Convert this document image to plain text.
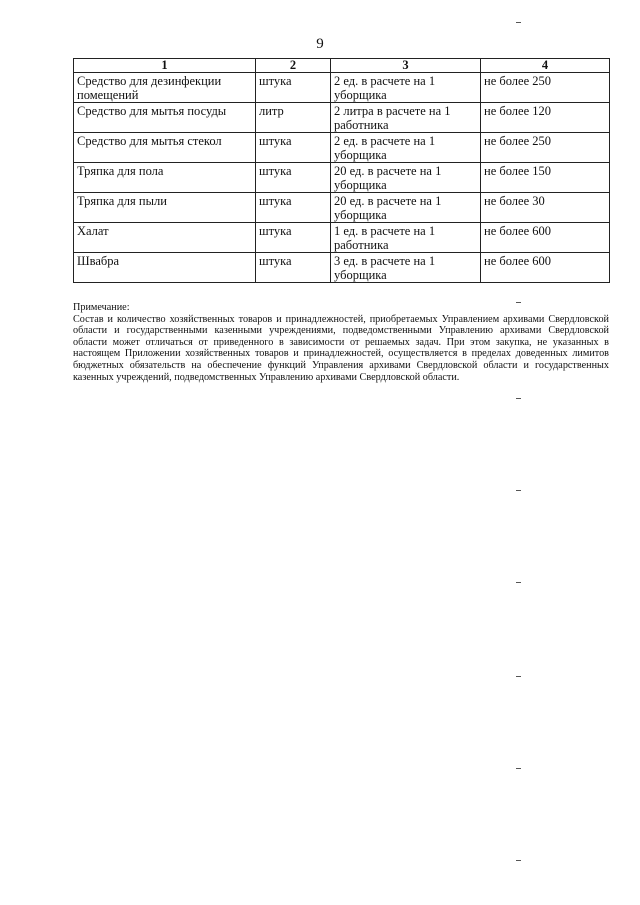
9
1	2	3	4
Средство для дезинфекции помещений	штука	2 ед. в расчете на 1 уборщика	не более 250
Средство для мытья посуды	литр	2 литра в расчете на 1 работника	не более 120
Средство для мытья стекол	штука	2 ед. в расчете на 1 уборщика	не более 250
Тряпка для пола	штука	20 ед. в расчете на 1 уборщика	не более 150
Тряпка для пыли	штука	20 ед. в расчете на 1 уборщика	не более 30
Халат	штука	1 ед. в расчете на 1 работника	не более 600
Швабра	штука	3 ед. в расчете на 1 уборщика	не более 600
Примечание:
Состав и количество хозяйственных товаров и принадлежностей, приобретаемых Управлением архивами Свердловской области и государственными казенными учреждениями, подведомственными Управлению архивами Свердловской области может отличаться от приведенного в зависимости от решаемых задач. При этом закупка, не указанных в настоящем Приложении хозяйственных товаров и принадлежностей, осуществляется в пределах доведенных лимитов бюджетных обязательств на обеспечение функций Управления архивами Свердловской области и государственных казенных учреждений, подведомственных Управлению архивами Свердловской области.
